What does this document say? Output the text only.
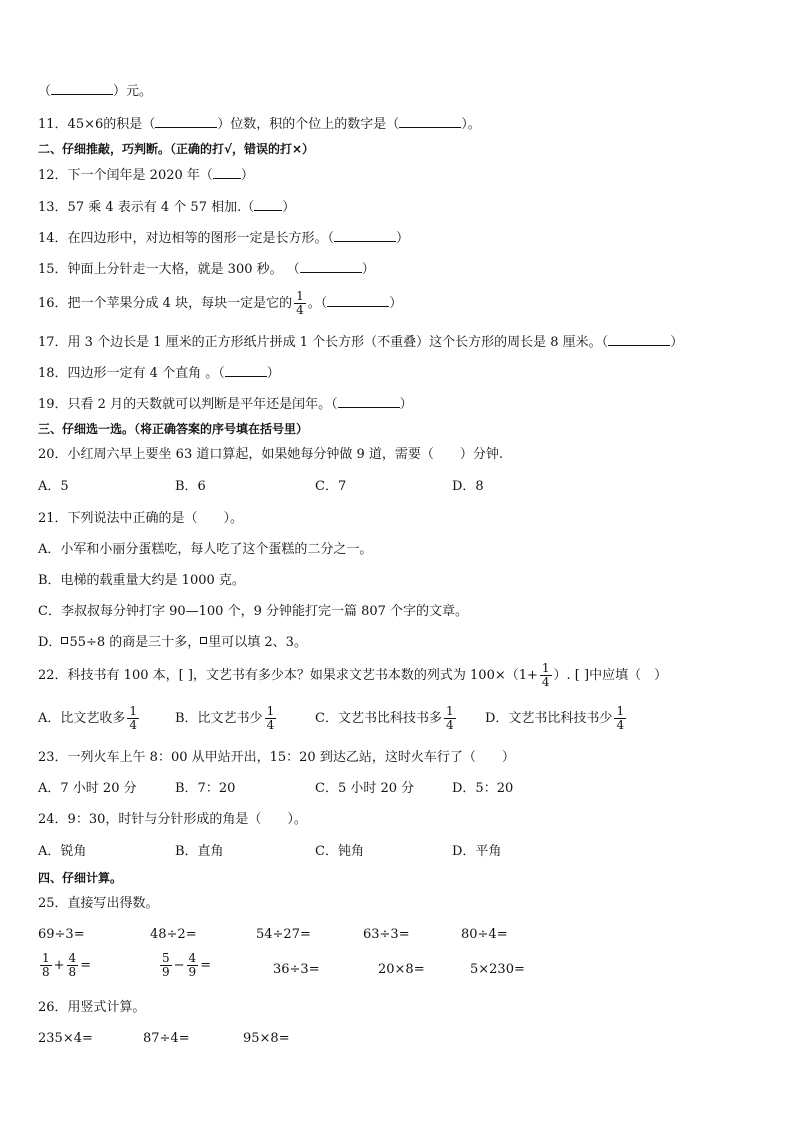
（	）元。
11．45×6的积是（	）位数，积的个位上的数字是（	）。
二、仔细推敲，巧判断。（正确的打√，错误的打×）
12．下一个闰年是 2020 年（ ）
13．57 乘 4 表示有 4 个 57 相加.（ ）
14．在四边形中，对边相等的图形一定是长方形。（	）
15．钟面上分针走一大格，就是 300 秒。 （	）
16．把一个苹果分成 4 块，每块一定是它的 $\frac{1}{4}$ 。（	）
17．用 3 个边长是 1 厘米的正方形纸片拼成 1 个长方形（不重叠）这个长方形的周长是 8 厘米。（	）
18．四边形一定有 4 个直角 。（	）
19．只看 2 月的天数就可以判断是平年还是闰年。（	）
三、仔细选一选。（将正确答案的序号填在括号里）
20．小红周六早上要坐 63 道口算起，如果她每分钟做 9 道，需要（　　）分钟.
A．5	B．6	C．7	D．8
21．下列说法中正确的是（　　）。
A．小军和小丽分蛋糕吃，每人吃了这个蛋糕的二分之一。
B．电梯的载重量大约是 1000 克。
C．李叔叔每分钟打字 90—100 个，9 分钟能打完一篇 807 个字的文章。
D． 55÷8 的商是三十多， 里可以填 2、3。
22．科技书有 100 本，[ ]，文艺书有多少本？如果求文艺书本数的列式为 $100\times(1+ \frac{1}{4}$ ）. [ ]中应填（　）
A．比文艺收多 $\frac{1}{4}$	B．比文艺书少 $\frac{1}{4}$	C．文艺书比科技书多 $\frac{1}{4}$ D．文艺书比科技书少 $\frac{1}{4}$
23．一列火车上午 8：00 从甲站开出，15：20 到达乙站，这时火车行了（　　）
A．7 小时 20 分	B．7：20	C．5 小时 20 分	D．5：20
24．9：30，时针与分针形成的角是（　　）。
A．锐角	B．直角	C．钝角	D．平角
四、仔细计算。
25．直接写出得数。
69÷3=	48÷2=	54÷27=	63÷3=	80÷4=
$\frac{1}{8} + \frac{4}{8}$ =	$\frac{5}{9} - \frac{4}{9}$ =	36÷3=	20×8=	5×230=
26．用竖式计算。
235×4=	87÷4=	95×8=
